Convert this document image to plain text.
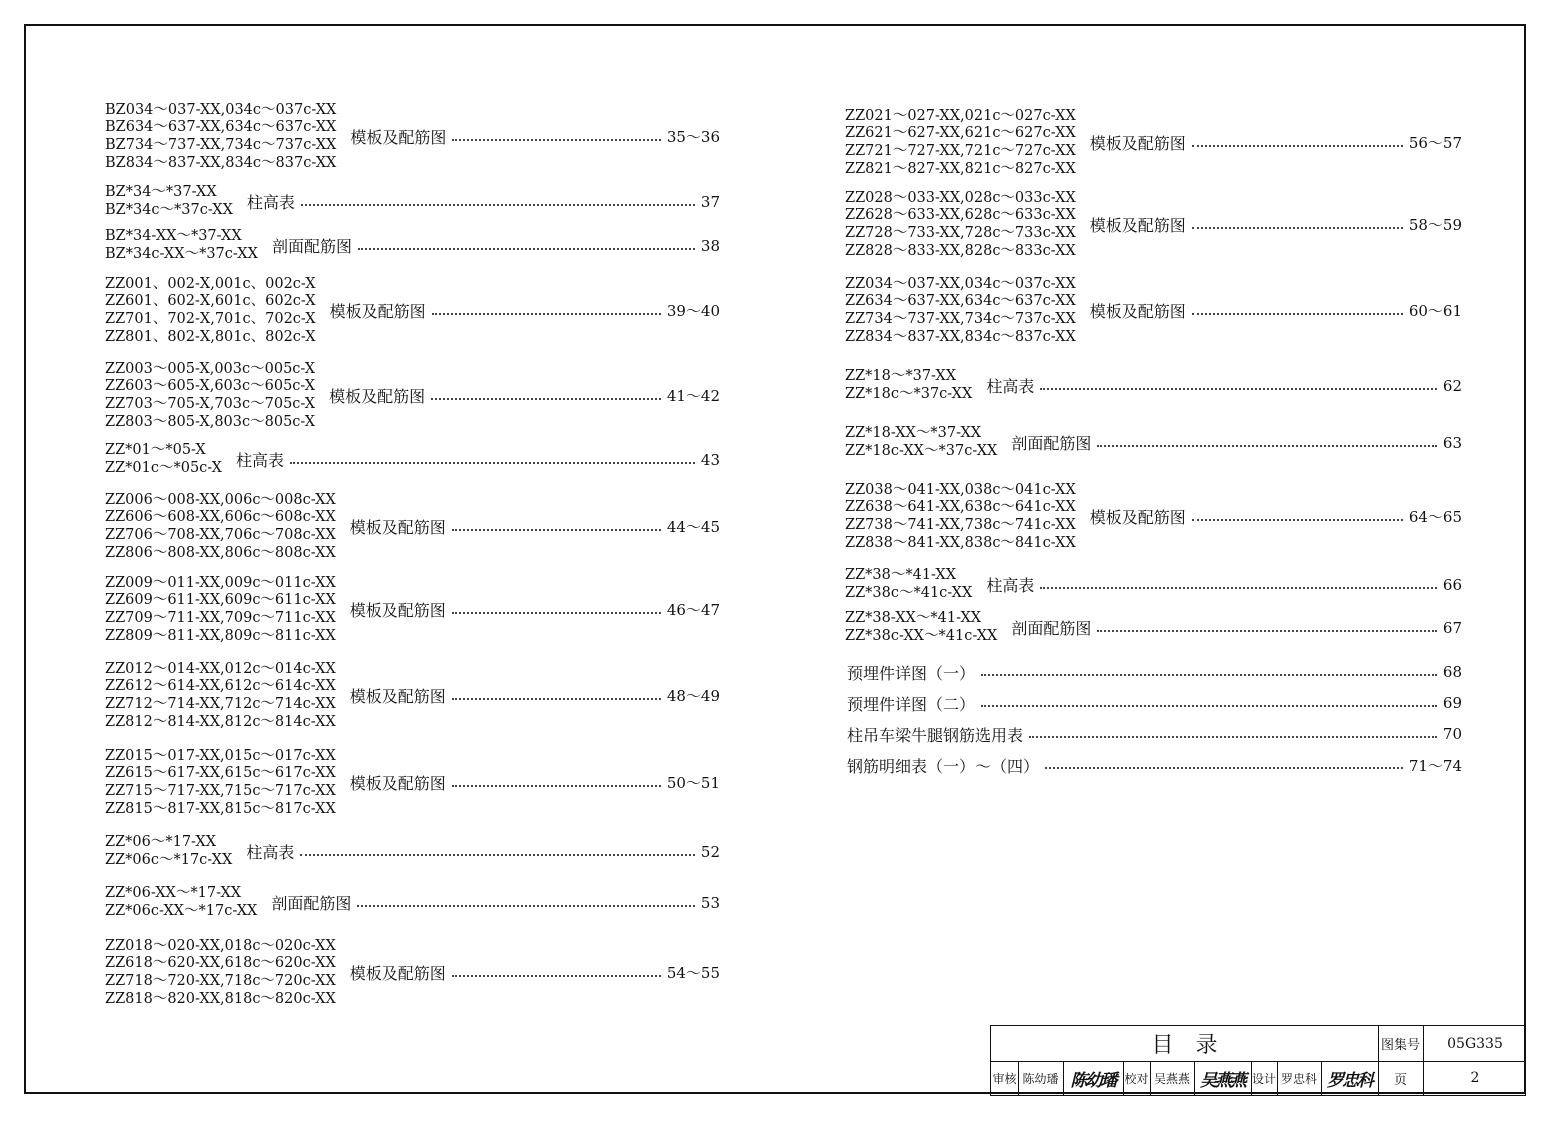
BZ034～037-XX,034c～037c-XX
BZ634～637-XX,634c～637c-XX
BZ734～737-XX,734c～737c-XX
BZ834～837-XX,834c～837c-XX
模板及配筋图	35～36
BZ*34～*37-XX
BZ*34c～*37c-XX 柱高表	37
BZ*34-XX～*37-XX
BZ*34c-XX～*37c-XX 剖面配筋图	38
ZZ001、002-X,001c、002c-X
ZZ601、602-X,601c、602c-X
ZZ701、702-X,701c、702c-X
ZZ801、802-X,801c、802c-X
模板及配筋图	39～40
ZZ003～005-X,003c～005c-X
ZZ603～605-X,603c～605c-X
ZZ703～705-X,703c～705c-X
ZZ803～805-X,803c～805c-X
模板及配筋图	41～42
ZZ*01～*05-X
ZZ*01c～*05c-X 柱高表	43
ZZ006～008-XX,006c～008c-XX
ZZ606～608-XX,606c～608c-XX
ZZ706～708-XX,706c～708c-XX
ZZ806～808-XX,806c～808c-XX
模板及配筋图	44～45
ZZ009～011-XX,009c～011c-XX
ZZ609～611-XX,609c～611c-XX
ZZ709～711-XX,709c～711c-XX
ZZ809～811-XX,809c～811c-XX
模板及配筋图	46～47
ZZ012～014-XX,012c～014c-XX
ZZ612～614-XX,612c～614c-XX
ZZ712～714-XX,712c～714c-XX
ZZ812～814-XX,812c～814c-XX
模板及配筋图	48～49
ZZ015～017-XX,015c～017c-XX
ZZ615～617-XX,615c～617c-XX
ZZ715～717-XX,715c～717c-XX
ZZ815～817-XX,815c～817c-XX
模板及配筋图	50～51
ZZ*06～*17-XX
ZZ*06c～*17c-XX 柱高表	52
ZZ*06-XX～*17-XX
ZZ*06c-XX～*17c-XX 剖面配筋图	53
ZZ018～020-XX,018c～020c-XX
ZZ618～620-XX,618c～620c-XX
ZZ718～720-XX,718c～720c-XX
ZZ818～820-XX,818c～820c-XX
模板及配筋图	54～55
ZZ021～027-XX,021c～027c-XX
ZZ621～627-XX,621c～627c-XX
ZZ721～727-XX,721c～727c-XX
ZZ821～827-XX,821c～827c-XX
模板及配筋图	56～57
ZZ028～033-XX,028c～033c-XX
ZZ628～633-XX,628c～633c-XX
ZZ728～733-XX,728c～733c-XX
ZZ828～833-XX,828c～833c-XX
模板及配筋图	58～59
ZZ034～037-XX,034c～037c-XX
ZZ634～637-XX,634c～637c-XX
ZZ734～737-XX,734c～737c-XX
ZZ834～837-XX,834c～837c-XX
模板及配筋图	60～61
ZZ*18～*37-XX
ZZ*18c～*37c-XX 柱高表	62
ZZ*18-XX～*37-XX
ZZ*18c-XX～*37c-XX 剖面配筋图	63
ZZ038～041-XX,038c～041c-XX
ZZ638～641-XX,638c～641c-XX
ZZ738～741-XX,738c～741c-XX
ZZ838～841-XX,838c～841c-XX
模板及配筋图	64～65
ZZ*38～*41-XX
ZZ*38c～*41c-XX 柱高表	66
ZZ*38-XX～*41-XX
ZZ*38c-XX～*41c-XX 剖面配筋图	67
预埋件详图（一）	68
预埋件详图（二）	69
柱吊车梁牛腿钢筋选用表	70
钢筋明细表（一）～（四）	71～74
目　录	图集号	05G335
审核 陈幼璠 陈幼璠 校对 吴燕燕 吴燕燕 设计 罗忠科 罗忠科	页	2
